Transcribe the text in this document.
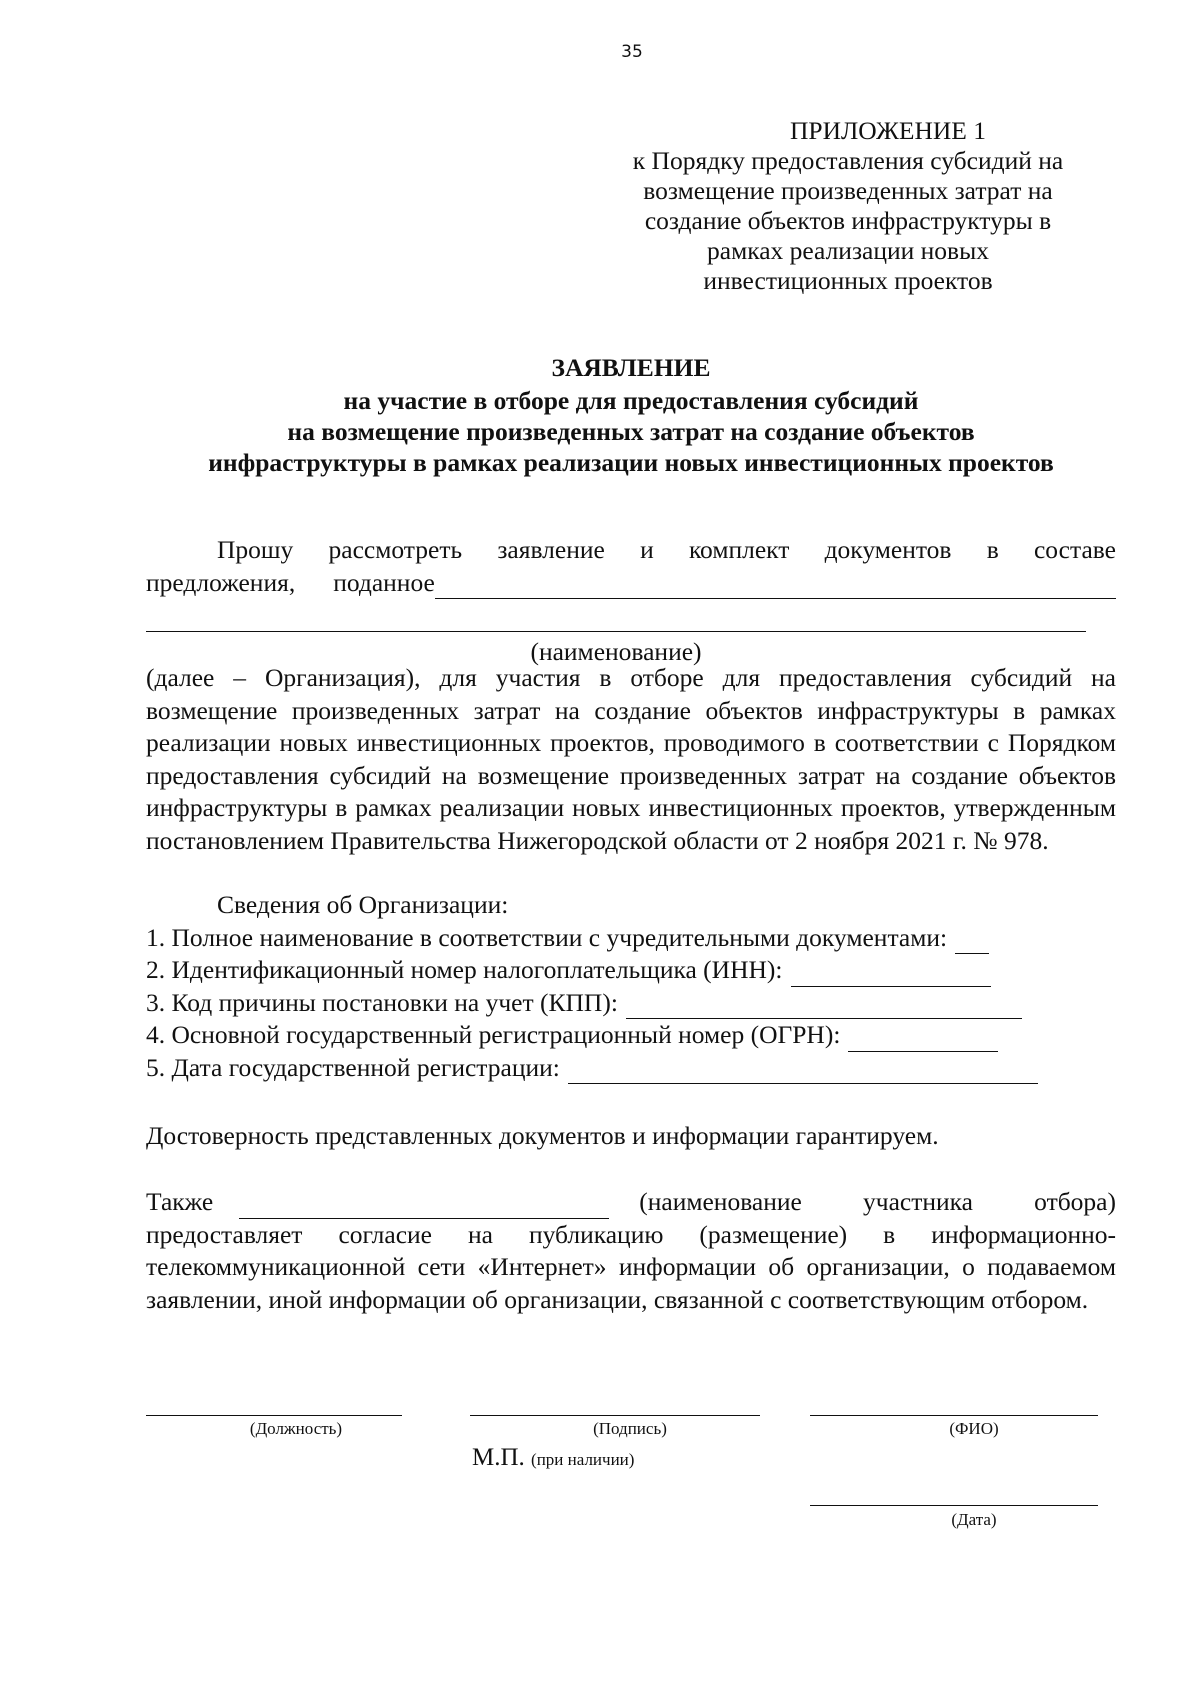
35
ПРИЛОЖЕНИЕ 1
к Порядку предоставления субсидий на
возмещение произведенных затрат на
создание объектов инфраструктуры в
рамках реализации новых
инвестиционных проектов
ЗАЯВЛЕНИЕ
на участие в отборе для предоставления субсидий
на возмещение произведенных затрат на создание объектов
инфраструктуры в рамках реализации новых инвестиционных проектов
Прошу рассмотреть заявление и комплект документов в составе
предложения, поданное
(наименование)
(далее – Организация), для участия в отборе для предоставления субсидий на возмещение произведенных затрат на создание объектов инфраструктуры в рамках реализации новых инвестиционных проектов, проводимого в соответствии с Порядком предоставления субсидий на возмещение произведенных затрат на создание объектов инфраструктуры в рамках реализации новых инвестиционных проектов, утвержденным постановлением Правительства Нижегородской области от 2 ноября 2021 г. № 978.
Сведения об Организации:
1. Полное наименование в соответствии с учредительными документами:
2. Идентификационный номер налогоплательщика (ИНН):
3. Код причины постановки на учет (КПП):
4. Основной государственный регистрационный номер (ОГРН):
5. Дата государственной регистрации:
Достоверность представленных документов и информации гарантируем.
Также	(наименование участника отбора)
предоставляет согласие на публикацию (размещение) в информационно-телекоммуникационной сети «Интернет» информации об организации, о подаваемом заявлении, иной информации об организации, связанной с соответствующим отбором.
(Должность)	(Подпись)	(ФИО)
М.П. (при наличии)
(Дата)
